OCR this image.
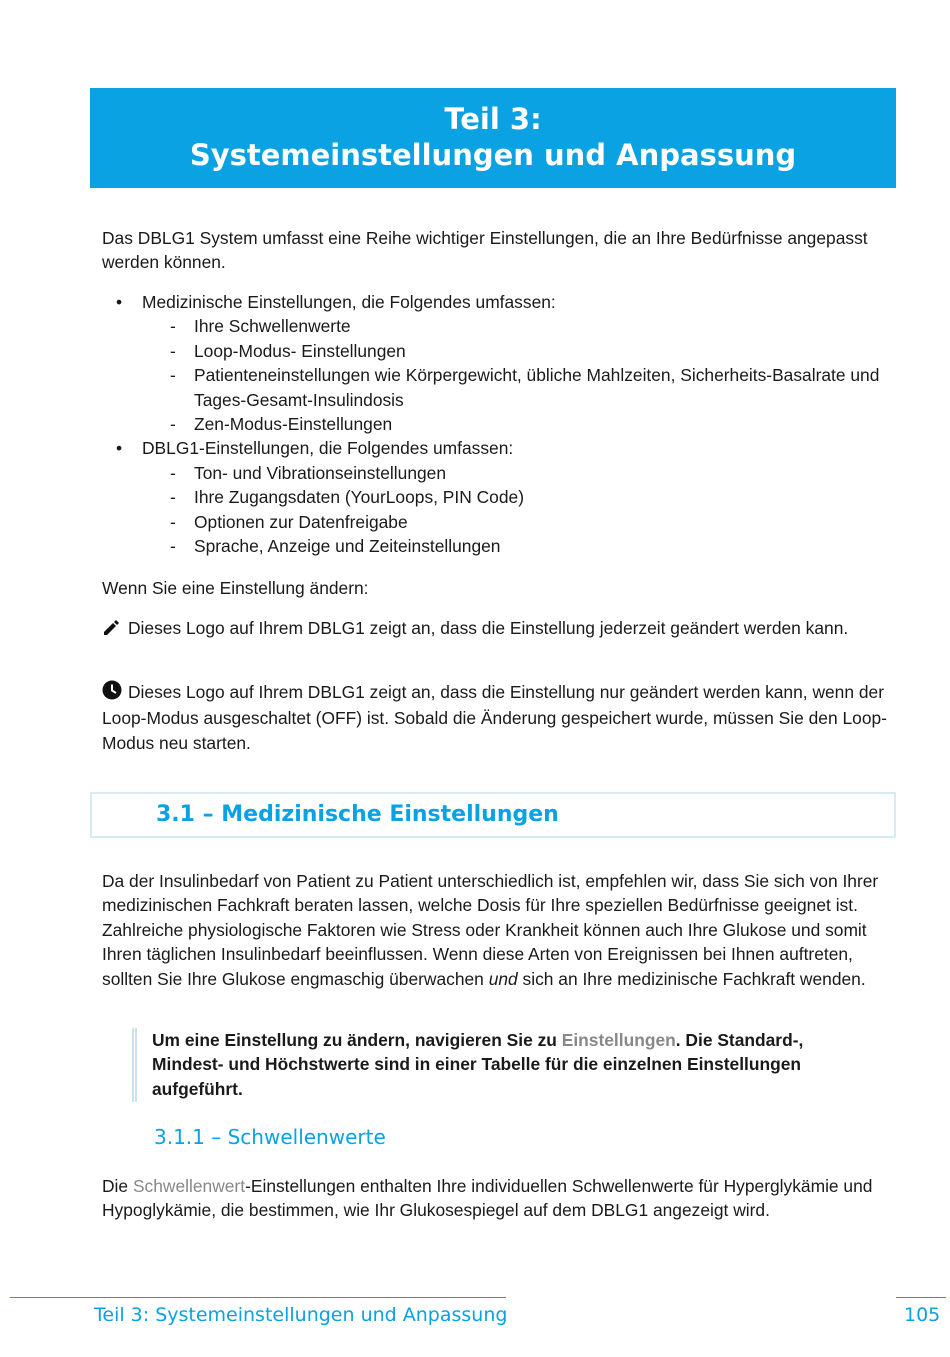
Teil 3:
Systemeinstellungen und Anpassung
Das DBLG1 System umfasst eine Reihe wichtiger Einstellungen, die an Ihre Bedürfnisse angepasst werden können.
• Medizinische Einstellungen, die Folgendes umfassen:
- Ihre Schwellenwerte
- Loop-Modus- Einstellungen
- Patienteneinstellungen wie Körpergewicht, übliche Mahlzeiten, Sicherheits-Basalrate und Tages-Gesamt-Insulindosis
- Zen-Modus-Einstellungen
• DBLG1-Einstellungen, die Folgendes umfassen:
- Ton- und Vibrationseinstellungen
- Ihre Zugangsdaten (YourLoops, PIN Code)
- Optionen zur Datenfreigabe
- Sprache, Anzeige und Zeiteinstellungen
Wenn Sie eine Einstellung ändern:
Dieses Logo auf Ihrem DBLG1 zeigt an, dass die Einstellung jederzeit geändert werden kann.
Dieses Logo auf Ihrem DBLG1 zeigt an, dass die Einstellung nur geändert werden kann, wenn der Loop-Modus ausgeschaltet (OFF) ist. Sobald die Änderung gespeichert wurde, müssen Sie den Loop-Modus neu starten.
3.1 – Medizinische Einstellungen
Da der Insulinbedarf von Patient zu Patient unterschiedlich ist, empfehlen wir, dass Sie sich von Ihrer medizinischen Fachkraft beraten lassen, welche Dosis für Ihre speziellen Bedürfnisse geeignet ist. Zahlreiche physiologische Faktoren wie Stress oder Krankheit können auch Ihre Glukose und somit Ihren täglichen Insulinbedarf beeinflussen. Wenn diese Arten von Ereignissen bei Ihnen auftreten, sollten Sie Ihre Glukose engmaschig überwachen und sich an Ihre medizinische Fachkraft wenden.
Um eine Einstellung zu ändern, navigieren Sie zu Einstellungen. Die Standard-, Mindest- und Höchstwerte sind in einer Tabelle für die einzelnen Einstellungen aufgeführt.
3.1.1 – Schwellenwerte
Die Schwellenwert-Einstellungen enthalten Ihre individuellen Schwellenwerte für Hyperglykämie und Hypoglykämie, die bestimmen, wie Ihr Glukosespiegel auf dem DBLG1 angezeigt wird.
Teil 3: Systemeinstellungen und Anpassung	105
